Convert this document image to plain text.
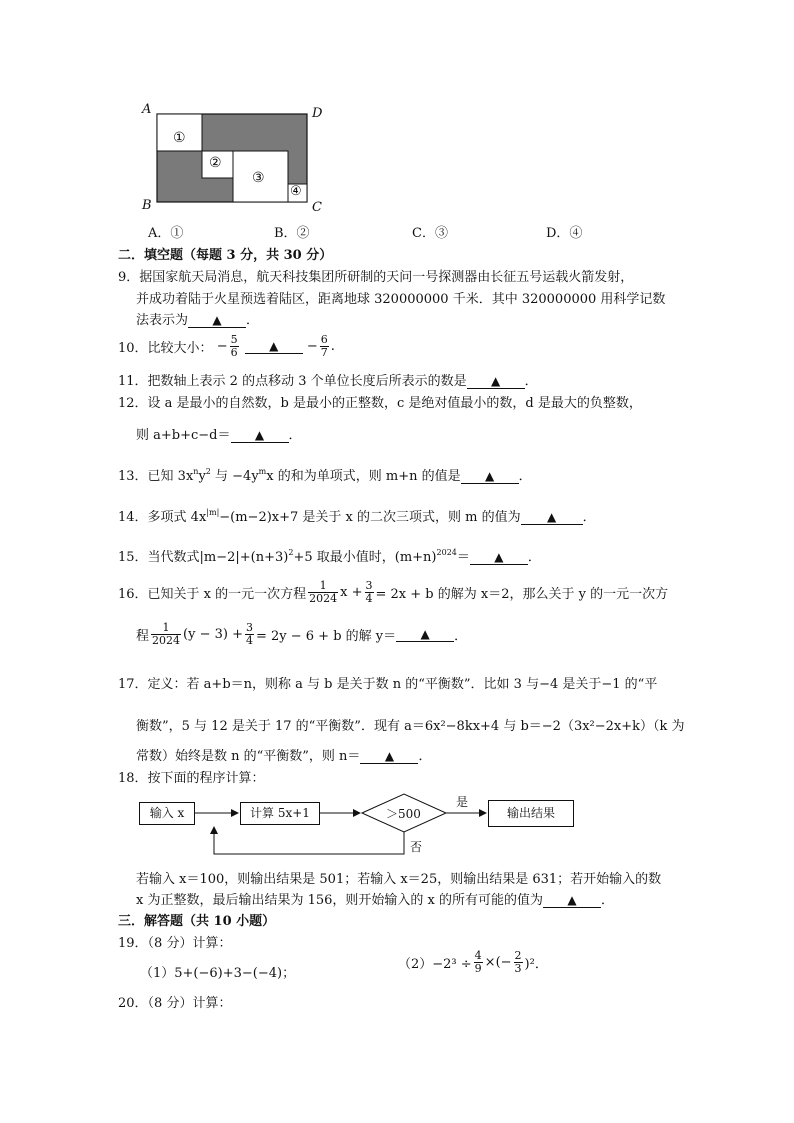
A
B	C
D
①
②
③
④
A．①	B．②	C．③	D．④
二．填空题（每题 3 分，共 30 分）
9．据国家航天局消息，航天科技集团所研制的天问一号探测器由长征五号运载火箭发射，
并成功着陆于火星预选着陆区，距离地球 320000000 千米．其中 320000000 用科学记数
法表示为 ▲ ．
10．比较大小： − $\frac{5}{6}$	▲ − $\frac{6}{7}$ .
11．把数轴上表示 2 的点移动 3 个单位长度后所表示的数是 ▲ ．
12．设 a 是最小的自然数，b 是最小的正整数，c 是绝对值最小的数，d 是最大的负整数，
则 a+b+c−d＝ ▲ ．
13．已知 $3x^ny^2$ 与 $-4y^mx$ 的和为单项式，则 m+n 的值是 ▲ ．
14．多项式 $4x^{|m|}-(m-2)x+7$ 是关于 x 的二次三项式，则 m 的值为 ▲ ．
15．当代数式$|m-2|+(n+3)^2+5$ 取最小值时，$(m+n)^{2024}=$ ▲ ．
16．已知关于 x 的一元一次方程 $\frac{1}{2024}$ $x + \frac{3}{4} = 2x + b$ 的解为 x＝2，那么关于 y 的一元一次方
程 $\frac{1}{2024} (y - 3) + \frac{3}{4} = 2y - 6 + b$ 的解 y＝ ▲ ．
17．定义：若 a+b＝n，则称 a 与 b 是关于数 n 的“平衡数”．比如 3 与−4 是关于−1 的“平
衡数”，5 与 12 是关于 17 的“平衡数”．现有 a＝6x²−8kx+4 与 b＝−2（3x²−2x+k）（k 为
常数）始终是数 n 的“平衡数”，则 n＝ ▲ ．
18．按下面的程序计算：
输入 x	计算 5x+1	＞500
是
否
输出结果
若输入 x＝100，则输出结果是 501；若输入 x＝25，则输出结果是 631；若开始输入的数
x 为正整数，最后输出结果为 156，则开始输入的 x 的所有可能的值为 ▲ ．
三．解答题（共 10 小题）
19．（8 分）计算：
（1）5+(−6)+3−(−4)；
$(2)-2^3 \div \frac{4}{9}$ ×(− $\frac{2}{3} )^2$．
20．（8 分）计算：
